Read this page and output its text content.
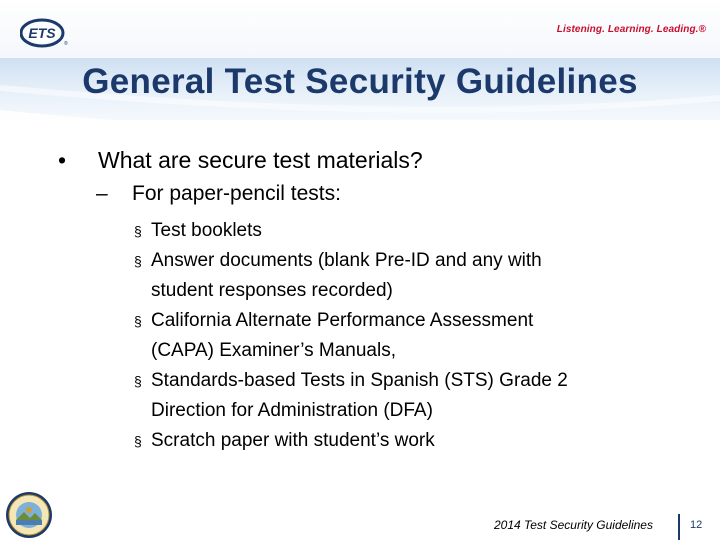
ETS
®
Listening. Learning. Leading.®
General Test Security Guidelines
• What are secure test materials?
– For paper-pencil tests:
§ Test booklets
§ Answer documents (blank Pre-ID and any with
student responses recorded)
§ California Alternate Performance Assessment
(CAPA) Examiner’s Manuals,
§ Standards-based Tests in Spanish (STS) Grade 2
Direction for Administration (DFA)
§ Scratch paper with student’s work
2014 Test Security Guidelines	12
